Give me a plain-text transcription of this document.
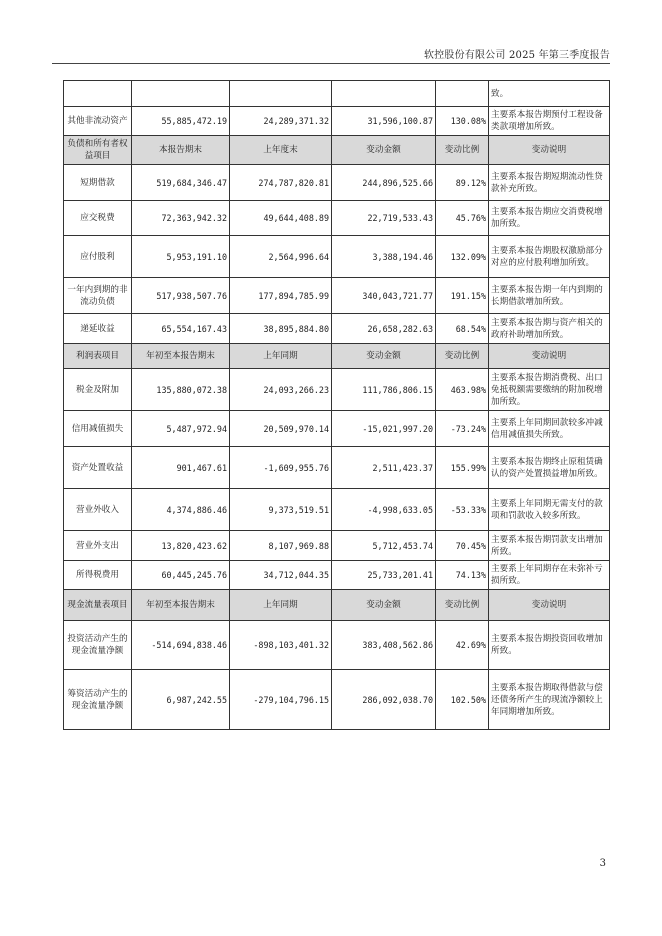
软控股份有限公司 2025 年第三季度报告
					致。
其他非流动资产	55,885,472.19	24,289,371.32	31,596,100.87	130.08%	主要系本报告期预付工程设备类款项增加所致。
负债和所有者权益项目	本报告期末	上年度末	变动金额	变动比例	变动说明
短期借款	519,684,346.47	274,787,820.81	244,896,525.66	89.12%	主要系本报告期短期流动性贷款补充所致。
应交税费	72,363,942.32	49,644,408.89	22,719,533.43	45.76%	主要系本报告期应交消费税增加所致。
应付股利	5,953,191.10	2,564,996.64	3,388,194.46	132.09%	主要系本报告期股权激励部分对应的应付股利增加所致。
一年内到期的非流动负债	517,938,507.76	177,894,785.99	340,043,721.77	191.15%	主要系本报告期一年内到期的长期借款增加所致。
递延收益	65,554,167.43	38,895,884.80	26,658,282.63	68.54%	主要系本报告期与资产相关的政府补助增加所致。
利润表项目	年初至本报告期末	上年同期	变动金额	变动比例	变动说明
税金及附加	135,880,072.38	24,093,266.23	111,786,806.15	463.98%	主要系本报告期消费税、出口免抵税额需要缴纳的附加税增加所致。
信用减值损失	5,487,972.94	20,509,970.14	-15,021,997.20	-73.24%	主要系上年同期回款较多冲减信用减值损失所致。
资产处置收益	901,467.61	-1,609,955.76	2,511,423.37	155.99%	主要系本报告期终止原租赁确认的资产处置损益增加所致。
营业外收入	4,374,886.46	9,373,519.51	-4,998,633.05	-53.33%	主要系上年同期无需支付的款项和罚款收入较多所致。
营业外支出	13,820,423.62	8,107,969.88	5,712,453.74	70.45%	主要系本报告期罚款支出增加所致。
所得税费用	60,445,245.76	34,712,044.35	25,733,201.41	74.13%	主要系上年同期存在未弥补亏损所致。
现金流量表项目	年初至本报告期末	上年同期	变动金额	变动比例	变动说明
投资活动产生的现金流量净额	-514,694,838.46	-898,103,401.32	383,408,562.86	42.69%	主要系本报告期投资回收增加所致。
筹资活动产生的现金流量净额	6,987,242.55	-279,104,796.15	286,092,038.70	102.50%	主要系本报告期取得借款与偿还债务所产生的现流净额较上年同期增加所致。
3
